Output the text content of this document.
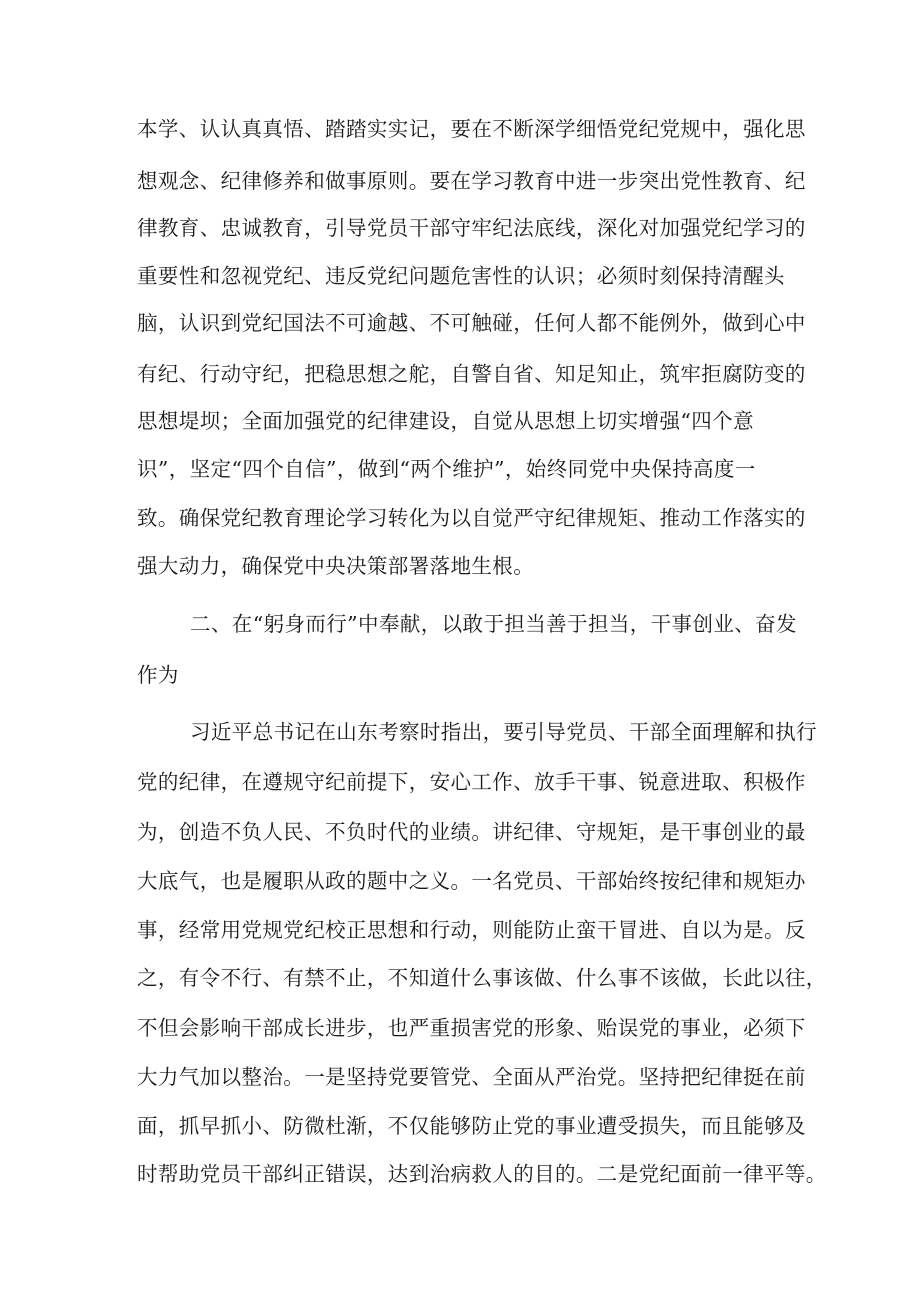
本学、认认真真悟、踏踏实实记，要在不断深学细悟党纪党规中，强化思
想观念、纪律修养和做事原则。要在学习教育中进一步突出党性教育、纪
律教育、忠诚教育，引导党员干部守牢纪法底线，深化对加强党纪学习的
重要性和忽视党纪、违反党纪问题危害性的认识；必须时刻保持清醒头
脑，认识到党纪国法不可逾越、不可触碰，任何人都不能例外，做到心中
有纪、行动守纪，把稳思想之舵，自警自省、知足知止，筑牢拒腐防变的
思想堤坝；全面加强党的纪律建设，自觉从思想上切实增强“四个意
识”，坚定“四个自信”，做到“两个维护”，始终同党中央保持高度一
致。确保党纪教育理论学习转化为以自觉严守纪律规矩、推动工作落实的
强大动力，确保党中央决策部署落地生根。
二、在“躬身而行”中奉献，以敢于担当善于担当，干事创业、奋发
作为
习近平总书记在山东考察时指出，要引导党员、干部全面理解和执行
党的纪律，在遵规守纪前提下，安心工作、放手干事、锐意进取、积极作
为，创造不负人民、不负时代的业绩。讲纪律、守规矩，是干事创业的最
大底气，也是履职从政的题中之义。一名党员、干部始终按纪律和规矩办
事，经常用党规党纪校正思想和行动，则能防止蛮干冒进、自以为是。反
之，有令不行、有禁不止，不知道什么事该做、什么事不该做，长此以往，
不但会影响干部成长进步，也严重损害党的形象、贻误党的事业，必须下
大力气加以整治。一是坚持党要管党、全面从严治党。坚持把纪律挺在前
面，抓早抓小、防微杜渐，不仅能够防止党的事业遭受损失，而且能够及
时帮助党员干部纠正错误，达到治病救人的目的。二是党纪面前一律平等。
